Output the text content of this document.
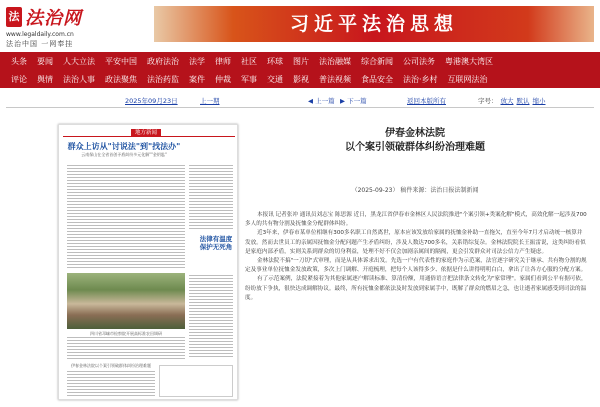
法 法治网
www.legaldaily.com.cn
法治中国 一网奉挂
习近平法治思想
头条	要闻	人大立法	平安中国	政府法治	法学	律师	社区	环球	图片	法治融媒	综合新闻	公司法务	粤港澳大湾区
评论	舆情	法治人事	政法聚焦	法治药监	案件	仲裁	军事	交通	影视	普法视频	食品安全	法治·乡村	互联网法治
2025年09月23日	上一期	◀ 上一篇 ▶ 下一篇	返回本版所有	字号： 放大 默认 缩小
地方新闻
群众上访从"讨说法"到"找法办"
云南保山在全省首创矛盾纠纷多元化解""金钥匙"
法律有温度 保护无死角
四川省邛崃市检察院开展高标准农田调研
伊春金林法院以个案引领破群体纠纷治理难题
伊春金林法院
以个案引领破群体纠纷治理难题
（2025-09-23） 稿件来源：法治日报法制新闻

本报讯 记者张冲 通讯员刘志宝 陈思源 近日，黑龙江省伊春市金林区人民法院推进"个案引领+类案化解"模式，高效化解一起涉及700多人的共有物分割及抚恤金分配群体纠纷。

近3年来，伊春市某单位相继有300多名职工自然离世，原本应该发放给家属的抚恤金补助一直拖欠，直至今年7月才启动统一核算并发放。然而去世员工的亲属因抚恤金分配问题产生矛盾纠纷，涉及人数达700多名，关系错综复杂。金林法院院长王振雷说，这类纠纷看似是家庭内部矛盾，实则关系到群众的切身利益，处理不好不仅会加剧亲属间的隔阂，更会引发群众对司法公信力产生疑虑。

金林法院不搞"一刀切"式审理，而是从具体诉求出发。先选一户有代表性的家庭作为示范案，法官逐字研究关于继承、共有物分割的规定及事业单位抚恤金发放政策，多次上门调解、开庭梳理，把每个人该得多少、依据是什么讲得明明白白，拿出了让各方心服的分配方案。

有了示范案例，法院紧接着为其他家属逐户解读标准、算清份额，用通俗语言把法律条文转化为"家常理"。家属们看到公平有据可依，纷纷放下争执，很快达成调解协议。最终，所有抚恤金都依法及时发放到家属手中，既解了群众的燃眉之急，也让逝者家属感受到司法的温度。
